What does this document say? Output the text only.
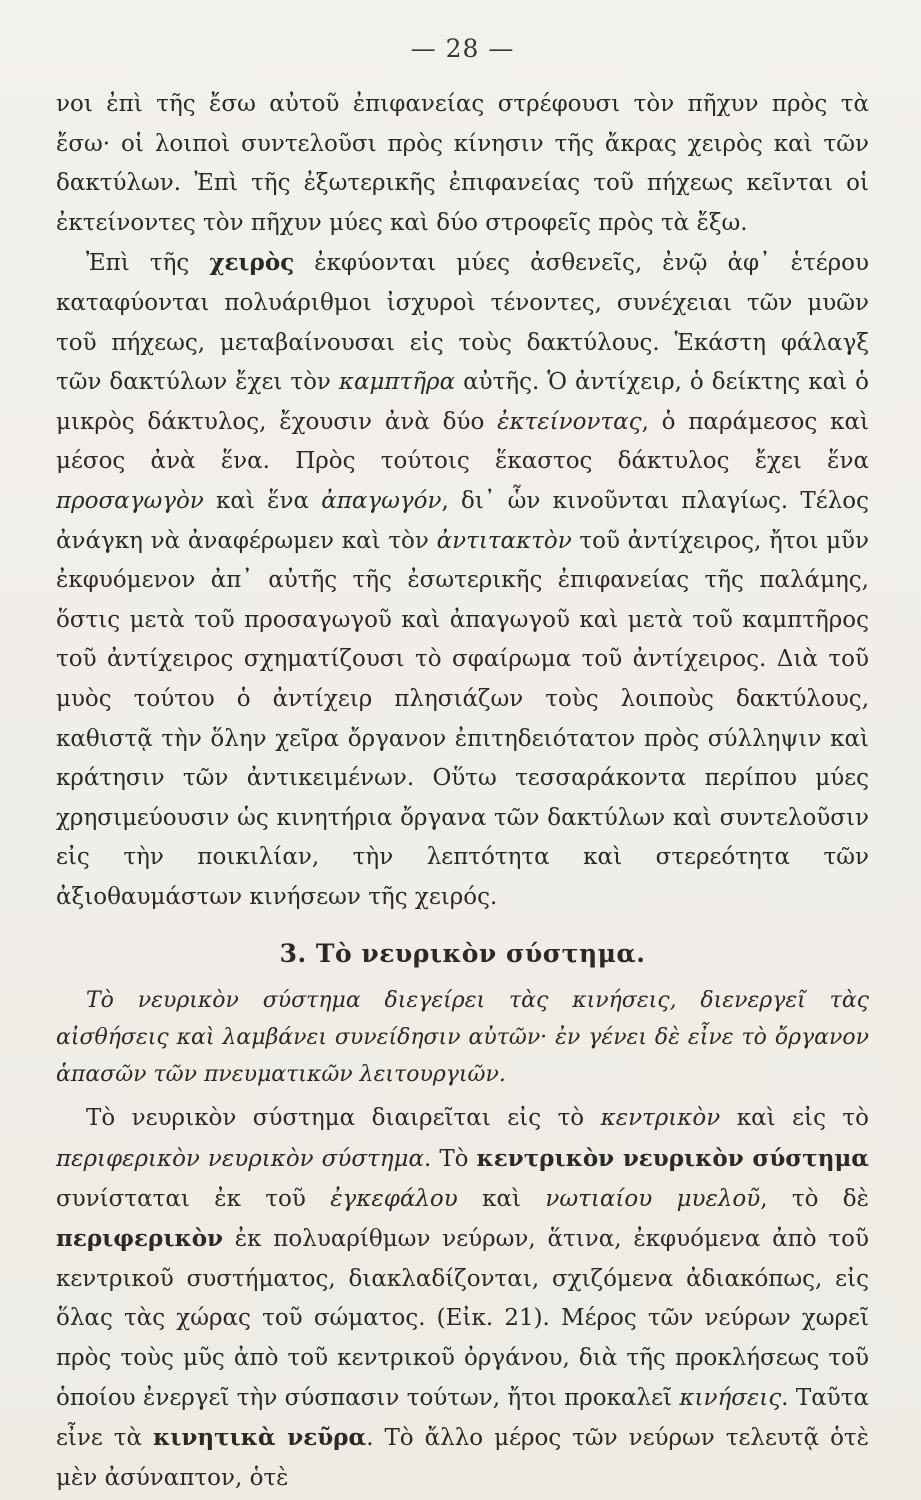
— 28 —

νοι ἐπὶ τῆς ἔσω αὐτοῦ ἐπιφανείας στρέφουσι τὸν πῆχυν πρὸς τὰ ἔσω· οἱ λοιποὶ συντελοῦσι πρὸς κίνησιν τῆς ἄκρας χειρὸς καὶ τῶν δακτύλων. Ἐπὶ τῆς ἐξωτερικῆς ἐπιφανείας τοῦ πήχεως κεῖνται οἱ ἐκτείνοντες τὸν πῆχυν μύες καὶ δύο στροφεῖς πρὸς τὰ ἔξω.

Ἐπὶ τῆς χειρὸς ἐκφύονται μύες ἀσθενεῖς, ἐνῷ ἀφ᾽ ἑτέρου καταφύονται πολυάριθμοι ἰσχυροὶ τένοντες, συνέχειαι τῶν μυῶν τοῦ πήχεως, μεταβαίνουσαι εἰς τοὺς δακτύλους. Ἑκάστη φάλαγξ τῶν δακτύλων ἔχει τὸν καμπτῆρα αὐτῆς. Ὁ ἀντίχειρ, ὁ δείκτης καὶ ὁ μικρὸς δάκτυλος, ἔχουσιν ἀνὰ δύο ἐκτείνοντας, ὁ παράμεσος καὶ μέσος ἀνὰ ἕνα. Πρὸς τούτοις ἕκαστος δάκτυλος ἔχει ἕνα προσαγωγὸν καὶ ἕνα ἀπαγωγόν, δι᾽ ὧν κινοῦνται πλαγίως. Τέλος ἀνάγκη νὰ ἀναφέρωμεν καὶ τὸν ἀντιτακτὸν τοῦ ἀντίχειρος, ἤτοι μῦν ἐκφυόμενον ἀπ᾽ αὐτῆς τῆς ἐσωτερικῆς ἐπιφανείας τῆς παλάμης, ὅστις μετὰ τοῦ προσαγωγοῦ καὶ ἀπαγωγοῦ καὶ μετὰ τοῦ καμπτῆρος τοῦ ἀντίχειρος σχηματίζουσι τὸ σφαίρωμα τοῦ ἀντίχειρος. Διὰ τοῦ μυὸς τούτου ὁ ἀντίχειρ πλησιάζων τοὺς λοιποὺς δακτύλους, καθιστᾷ τὴν ὅλην χεῖρα ὄργανον ἐπιτηδειότατον πρὸς σύλληψιν καὶ κράτησιν τῶν ἀντικειμένων. Οὕτω τεσσαράκοντα περίπου μύες χρησιμεύουσιν ὡς κινητήρια ὄργανα τῶν δακτύλων καὶ συντελοῦσιν εἰς τὴν ποικιλίαν, τὴν λεπτότητα καὶ στερεότητα τῶν ἀξιοθαυμάστων κινήσεων τῆς χειρός.

3. Τὸ νευρικὸν σύστημα.

Τὸ νευρικὸν σύστημα διεγείρει τὰς κινήσεις, διενεργεῖ τὰς αἰσθήσεις καὶ λαμβάνει συνείδησιν αὐτῶν· ἐν γένει δὲ εἶνε τὸ ὄργανον ἁπασῶν τῶν πνευματικῶν λειτουργιῶν.

Τὸ νευρικὸν σύστημα διαιρεῖται εἰς τὸ κεντρικὸν καὶ εἰς τὸ περιφερικὸν νευρικὸν σύστημα. Τὸ κεντρικὸν νευρικὸν σύστημα συνίσταται ἐκ τοῦ ἐγκεφάλου καὶ νωτιαίου μυελοῦ, τὸ δὲ περιφερικὸν ἐκ πολυαρίθμων νεύρων, ἅτινα, ἐκφυόμενα ἀπὸ τοῦ κεντρικοῦ συστήματος, διακλαδίζονται, σχιζόμενα ἀδιακόπως, εἰς ὅλας τὰς χώρας τοῦ σώματος. (Εἰκ. 21). Μέρος τῶν νεύρων χωρεῖ πρὸς τοὺς μῦς ἀπὸ τοῦ κεντρικοῦ ὀργάνου, διὰ τῆς προκλήσεως τοῦ ὁποίου ἐνεργεῖ τὴν σύσπασιν τούτων, ἤτοι προκαλεῖ κινήσεις. Ταῦτα εἶνε τὰ κινητικὰ νεῦρα. Τὸ ἄλλο μέρος τῶν νεύρων τελευτᾷ ὁτὲ μὲν ἀσύναπτον, ὁτὲ
